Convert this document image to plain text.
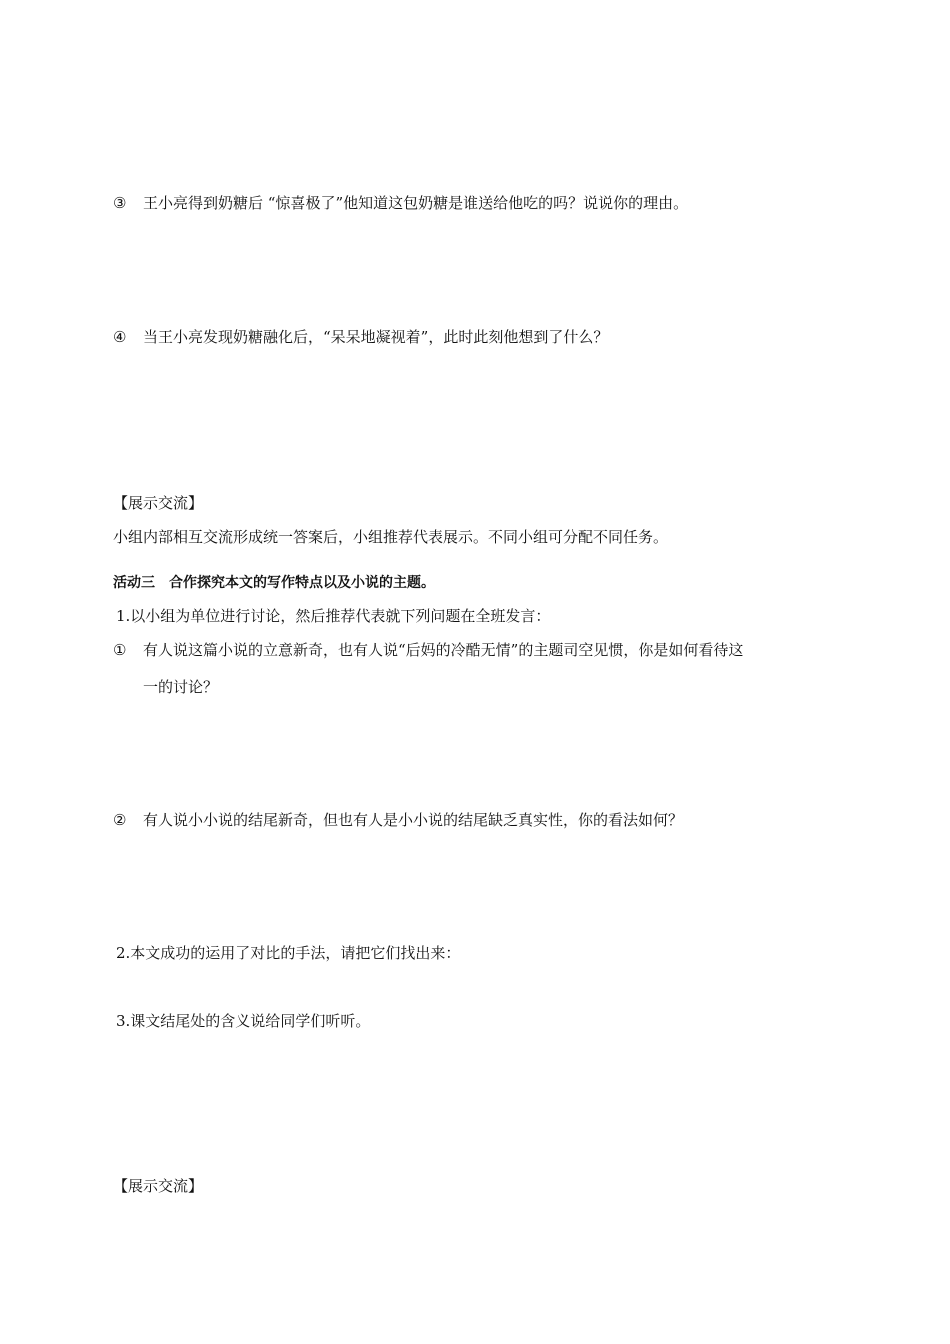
③	王小亮得到奶糖后 “惊喜极了”他知道这包奶糖是谁送给他吃的吗？说说你的理由。
④	当王小亮发现奶糖融化后，“呆呆地凝视着”，此时此刻他想到了什么？
【展示交流】
小组内部相互交流形成统一答案后，小组推荐代表展示。不同小组可分配不同任务。
活动三　合作探究本文的写作特点以及小说的主题。
1.以小组为单位进行讨论，然后推荐代表就下列问题在全班发言：
①	有人说这篇小说的立意新奇，也有人说“后妈的冷酷无情”的主题司空见惯，你是如何看待这
一的讨论？
②	有人说小小说的结尾新奇，但也有人是小小说的结尾缺乏真实性，你的看法如何？
2.本文成功的运用了对比的手法，请把它们找出来：
3.课文结尾处的含义说给同学们听听。
【展示交流】
